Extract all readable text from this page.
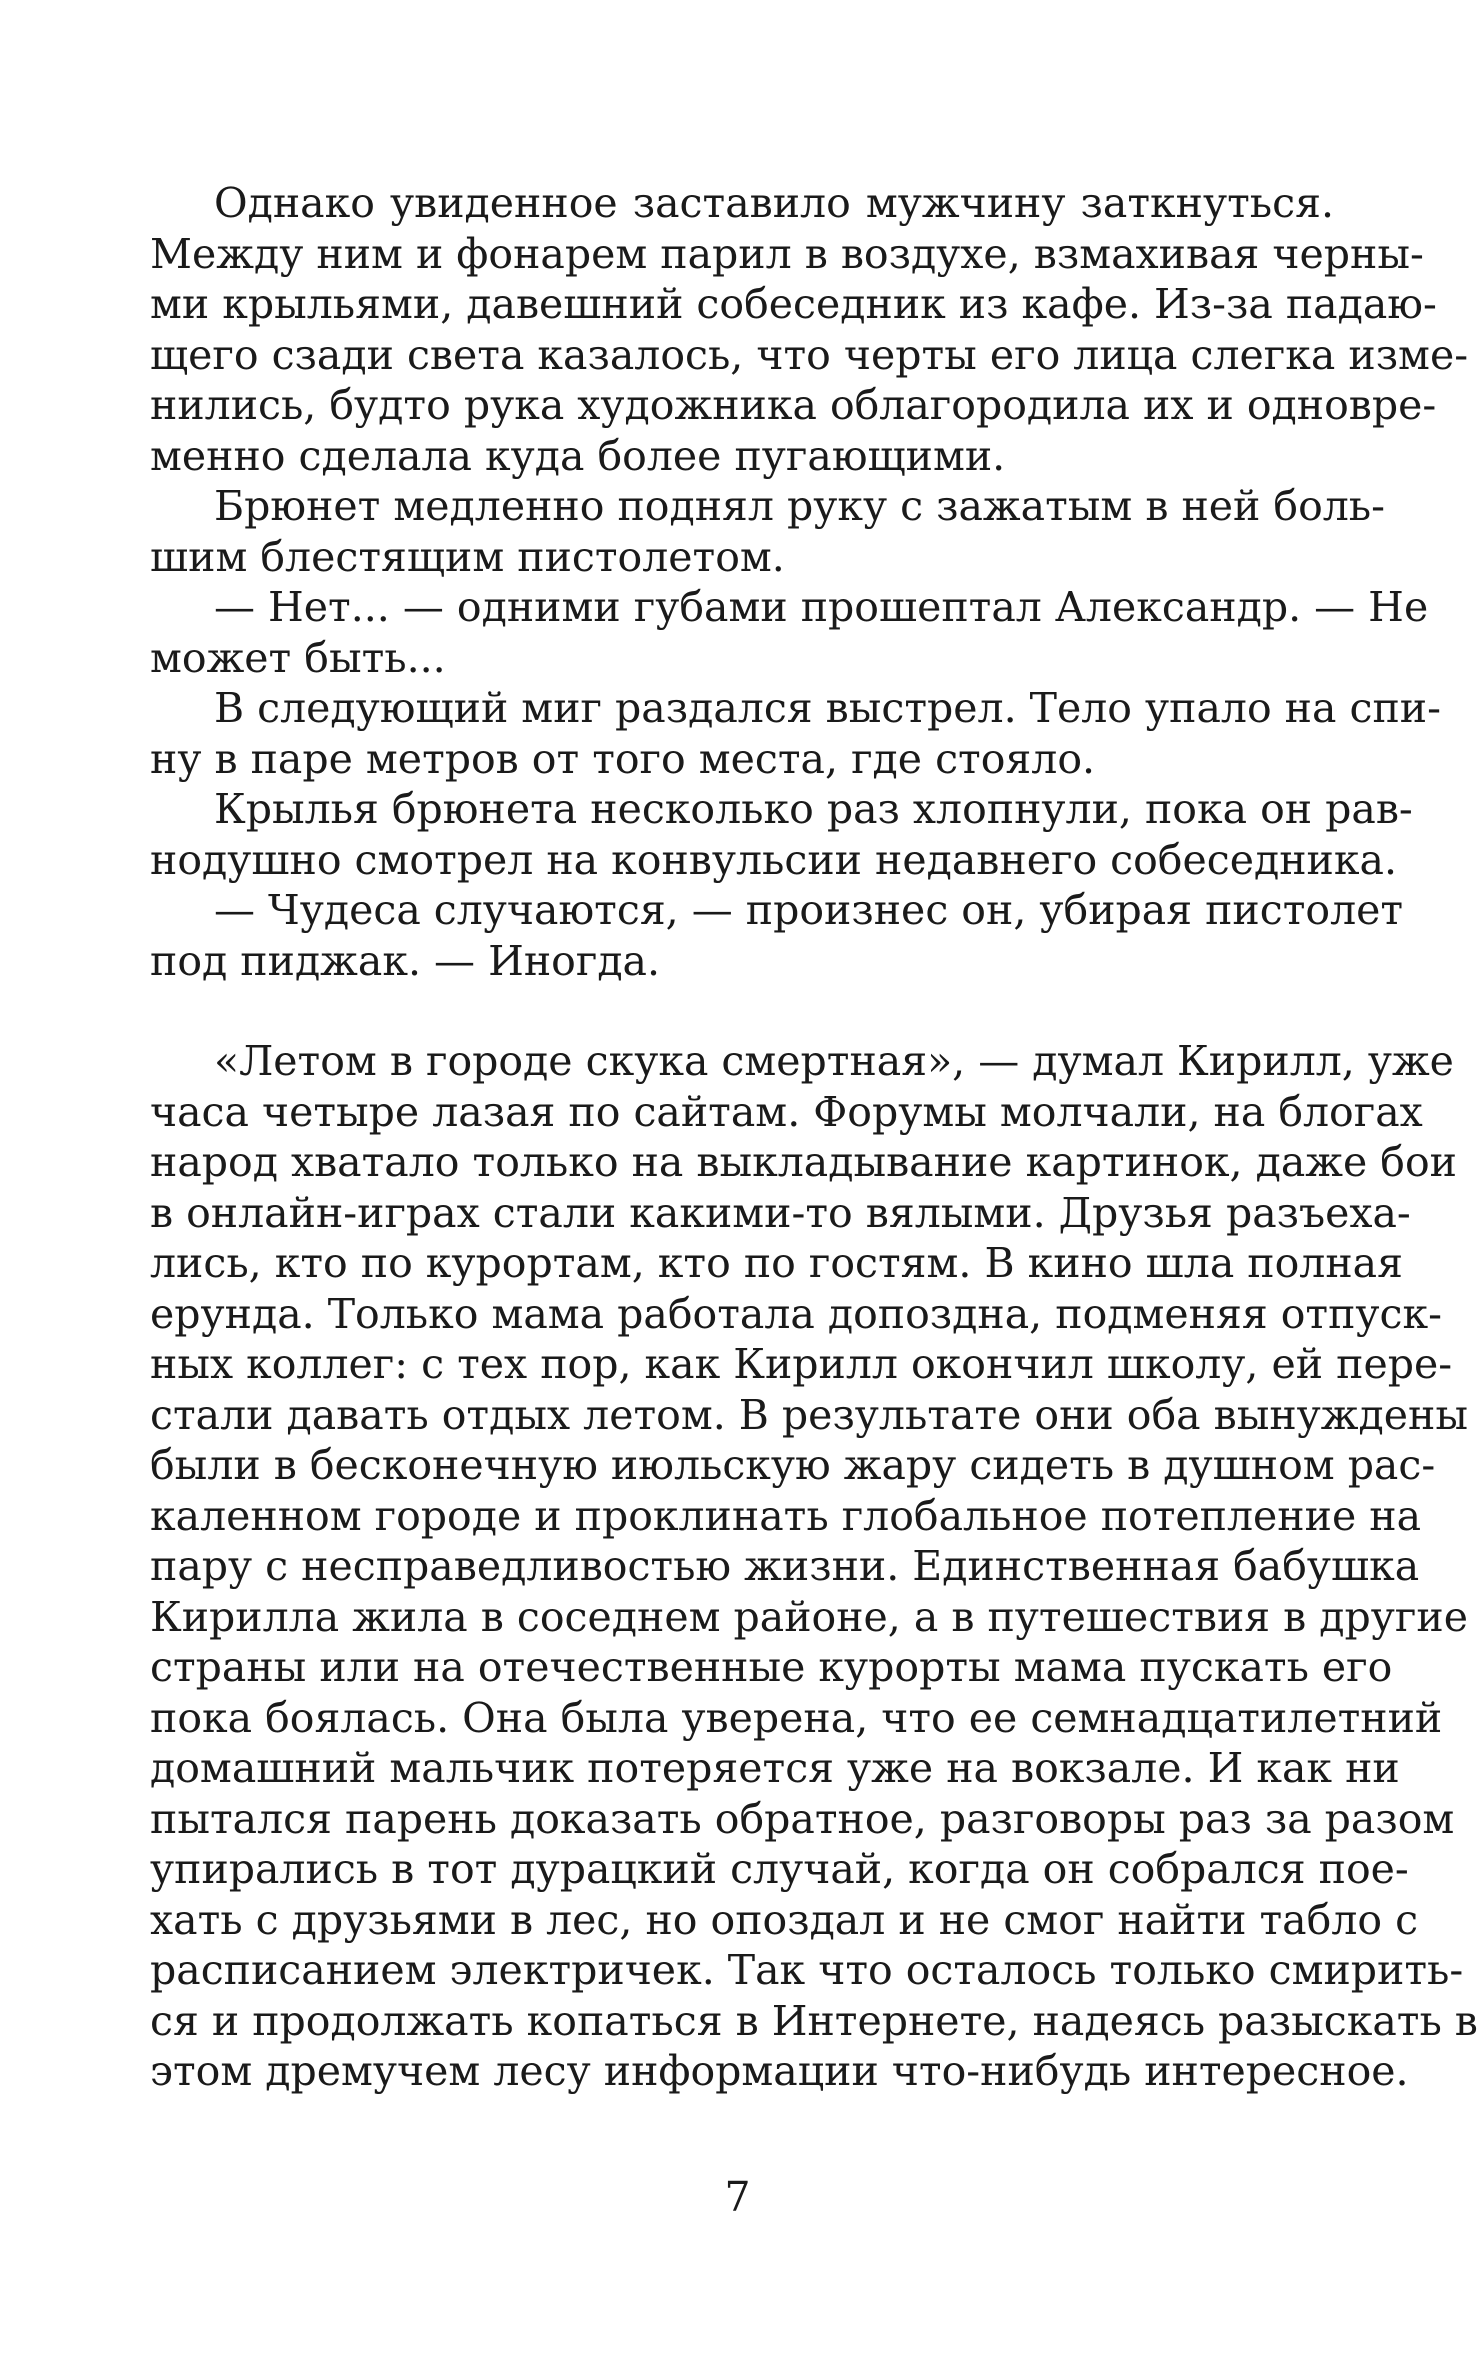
Однако увиденное заставило мужчину заткнуться.
Между ним и фонарем парил в воздухе, взмахивая черны-
ми крыльями, давешний собеседник из кафе. Из-за падаю-
щего сзади света казалось, что черты его лица слегка изме-
нились, будто рука художника облагородила их и одновре-
менно сделала куда более пугающими.

Брюнет медленно поднял руку с зажатым в ней боль-
шим блестящим пистолетом.

— Нет... — одними губами прошептал Александр. — Не
может быть...

В следующий миг раздался выстрел. Тело упало на спи-
ну в паре метров от того места, где стояло.

Крылья брюнета несколько раз хлопнули, пока он рав-
нодушно смотрел на конвульсии недавнего собеседника.

— Чудеса случаются, — произнес он, убирая пистолет
под пиджак. — Иногда.

«Летом в городе скука смертная», — думал Кирилл, уже
часа четыре лазая по сайтам. Форумы молчали, на блогах
народ хватало только на выкладывание картинок, даже бои
в онлайн-играх стали какими-то вялыми. Друзья разъеха-
лись, кто по курортам, кто по гостям. В кино шла полная
ерунда. Только мама работала допоздна, подменяя отпуск-
ных коллег: с тех пор, как Кирилл окончил школу, ей пере-
стали давать отдых летом. В результате они оба вынуждены
были в бесконечную июльскую жару сидеть в душном рас-
каленном городе и проклинать глобальное потепление на
пару с несправедливостью жизни. Единственная бабушка
Кирилла жила в соседнем районе, а в путешествия в другие
страны или на отечественные курорты мама пускать его
пока боялась. Она была уверена, что ее семнадцатилетний
домашний мальчик потеряется уже на вокзале. И как ни
пытался парень доказать обратное, разговоры раз за разом
упирались в тот дурацкий случай, когда он собрался пое-
хать с друзьями в лес, но опоздал и не смог найти табло с
расписанием электричек. Так что осталось только смирить-
ся и продолжать копаться в Интернете, надеясь разыскать в
этом дремучем лесу информации что-нибудь интересное.

7
